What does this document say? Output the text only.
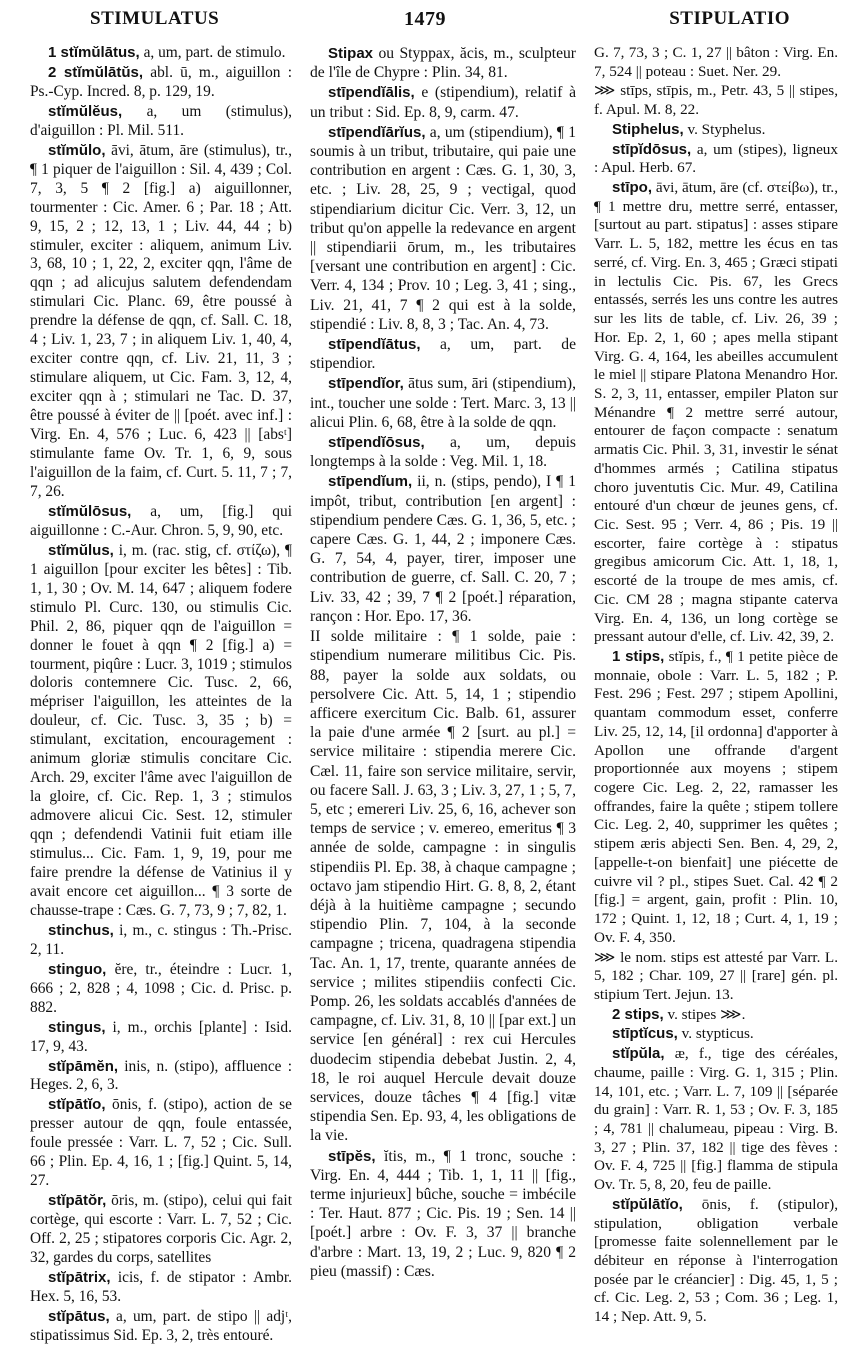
STIMULATUS	1479	STIPULATIO

1 stĭmŭlātus, a, um, part. de stimulo.

2 stĭmŭlātŭs, abl. ū, m., aiguillon : Ps.-Cyp. Incred. 8, p. 129, 19.

stĭmŭlĕus, a, um (stimulus), d'aiguillon : Pl. Mil. 511.

stĭmŭlo, āvi, ātum, āre (stimulus), tr., ¶ 1 piquer de l'aiguillon : Sil. 4, 439 ; Col. 7, 3, 5 ¶ 2 [fig.] a) aiguillonner, tourmenter : Cic. Amer. 6 ; Par. 18 ; Att. 9, 15, 2 ; 12, 13, 1 ; Liv. 44, 44 ; b) stimuler, exciter : aliquem, animum Liv. 3, 68, 10 ; 1, 22, 2, exciter qqn, l'âme de qqn ; ad alicujus salutem defendendam stimulari Cic. Planc. 69, être poussé à prendre la défense de qqn, cf. Sall. C. 18, 4 ; Liv. 1, 23, 7 ; in aliquem Liv. 1, 40, 4, exciter contre qqn, cf. Liv. 21, 11, 3 ; stimulare aliquem, ut Cic. Fam. 3, 12, 4, exciter qqn à ; stimulari ne Tac. D. 37, être poussé à éviter de || [poét. avec inf.] : Virg. En. 4, 576 ; Luc. 6, 423 || [absᵗ] stimulante fame Ov. Tr. 1, 6, 9, sous l'aiguillon de la faim, cf. Curt. 5. 11, 7 ; 7, 7, 26.

stĭmŭlōsus, a, um, [fig.] qui aiguillonne : C.-Aur. Chron. 5, 9, 90, etc.

stĭmŭlus, i, m. (rac. stig, cf. στίζω), ¶ 1 aiguillon [pour exciter les bêtes] : Tib. 1, 1, 30 ; Ov. M. 14, 647 ; aliquem fodere stimulo Pl. Curc. 130, ou stimulis Cic. Phil. 2, 86, piquer qqn de l'aiguillon = donner le fouet à qqn ¶ 2 [fig.] a) = tourment, piqûre : Lucr. 3, 1019 ; stimulos doloris contemnere Cic. Tusc. 2, 66, mépriser l'aiguillon, les atteintes de la douleur, cf. Cic. Tusc. 3, 35 ; b) = stimulant, excitation, encouragement : animum gloriæ stimulis concitare Cic. Arch. 29, exciter l'âme avec l'aiguillon de la gloire, cf. Cic. Rep. 1, 3 ; stimulos admovere alicui Cic. Sest. 12, stimuler qqn ; defendendi Vatinii fuit etiam ille stimulus... Cic. Fam. 1, 9, 19, pour me faire prendre la défense de Vatinius il y avait encore cet aiguillon... ¶ 3 sorte de chausse-trape : Cæs. G. 7, 73, 9 ; 7, 82, 1.

stinchus, i, m., c. stingus : Th.-Prisc. 2, 11.

stinguo, ĕre, tr., éteindre : Lucr. 1, 666 ; 2, 828 ; 4, 1098 ; Cic. d. Prisc. p. 882.

stingus, i, m., orchis [plante] : Isid. 17, 9, 43.

stĭpāmĕn, inis, n. (stipo), affluence : Heges. 2, 6, 3.

stĭpātĭo, ōnis, f. (stipo), action de se presser autour de qqn, foule entassée, foule pressée : Varr. L. 7, 52 ; Cic. Sull. 66 ; Plin. Ep. 4, 16, 1 ; [fig.] Quint. 5, 14, 27.

stĭpātŏr, ōris, m. (stipo), celui qui fait cortège, qui escorte : Varr. L. 7, 52 ; Cic. Off. 2, 25 ; stipatores corporis Cic. Agr. 2, 32, gardes du corps, satellites

stĭpātrix, icis, f. de stipator : Ambr. Hex. 5, 16, 53.

stĭpātus, a, um, part. de stipo || adjᵗ, stipatissimus Sid. Ep. 3, 2, très entouré.

Stipax ou Styppax, ăcis, m., sculpteur de l'île de Chypre : Plin. 34, 81.

stīpendĭālis, e (stipendium), relatif à un tribut : Sid. Ep. 8, 9, carm. 47.

stīpendĭārĭus, a, um (stipendium), ¶ 1 soumis à un tribut, tributaire, qui paie une contribution en argent : Cæs. G. 1, 30, 3, etc. ; Liv. 28, 25, 9 ; vectigal, quod stipendiarium dicitur Cic. Verr. 3, 12, un tribut qu'on appelle la redevance en argent || stipendiarii ōrum, m., les tributaires [versant une contribution en argent] : Cic. Verr. 4, 134 ; Prov. 10 ; Leg. 3, 41 ; sing., Liv. 21, 41, 7 ¶ 2 qui est à la solde, stipendié : Liv. 8, 8, 3 ; Tac. An. 4, 73.

stīpendĭātus, a, um, part. de stipendior.

stīpendĭor, ātus sum, āri (stipendium), int., toucher une solde : Tert. Marc. 3, 13 || alicui Plin. 6, 68, être à la solde de qqn.

stīpendĭōsus, a, um, depuis longtemps à la solde : Veg. Mil. 1, 18.

stīpendĭum, ii, n. (stips, pendo), I ¶ 1 impôt, tribut, contribution [en argent] : stipendium pendere Cæs. G. 1, 36, 5, etc. ; capere Cæs. G. 1, 44, 2 ; imponere Cæs. G. 7, 54, 4, payer, tirer, imposer une contribution de guerre, cf. Sall. C. 20, 7 ; Liv. 33, 42 ; 39, 7 ¶ 2 [poét.] réparation, rançon : Hor. Epo. 17, 36.

II solde militaire : ¶ 1 solde, paie : stipendium numerare militibus Cic. Pis. 88, payer la solde aux soldats, ou persolvere Cic. Att. 5, 14, 1 ; stipendio afficere exercitum Cic. Balb. 61, assurer la paie d'une armée ¶ 2 [surt. au pl.] = service militaire : stipendia merere Cic. Cæl. 11, faire son service militaire, servir, ou facere Sall. J. 63, 3 ; Liv. 3, 27, 1 ; 5, 7, 5, etc ; emereri Liv. 25, 6, 16, achever son temps de service ; v. emereo, emeritus ¶ 3 année de solde, campagne : in singulis stipendiis Pl. Ep. 38, à chaque campagne ; octavo jam stipendio Hirt. G. 8, 8, 2, étant déjà à la huitième campagne ; secundo stipendio Plin. 7, 104, à la seconde campagne ; tricena, quadragena stipendia Tac. An. 1, 17, trente, quarante années de service ; milites stipendiis confecti Cic. Pomp. 26, les soldats accablés d'années de campagne, cf. Liv. 31, 8, 10 || [par ext.] un service [en général] : rex cui Hercules duodecim stipendia debebat Justin. 2, 4, 18, le roi auquel Hercule devait douze services, douze tâches ¶ 4 [fig.] vitæ stipendia Sen. Ep. 93, 4, les obligations de la vie.

stīpĕs, ĭtis, m., ¶ 1 tronc, souche : Virg. En. 4, 444 ; Tib. 1, 1, 11 || [fig., terme injurieux] bûche, souche = imbécile : Ter. Haut. 877 ; Cic. Pis. 19 ; Sen. 14 || [poét.] arbre : Ov. F. 3, 37 || branche d'arbre : Mart. 13, 19, 2 ; Luc. 9, 820 ¶ 2 pieu (massif) : Cæs.

G. 7, 73, 3 ; C. 1, 27 || bâton : Virg. En. 7, 524 || poteau : Suet. Ner. 29.

⋙ stīps, stīpis, m., Petr. 43, 5 || stipes, f. Apul. M. 8, 22.

Stiphelus, v. Styphelus.

stīpĭdōsus, a, um (stipes), ligneux : Apul. Herb. 67.

stīpo, āvi, ātum, āre (cf. στείβω), tr., ¶ 1 mettre dru, mettre serré, entasser, [surtout au part. stipatus] : asses stipare Varr. L. 5, 182, mettre les écus en tas serré, cf. Virg. En. 3, 465 ; Græci stipati in lectulis Cic. Pis. 67, les Grecs entassés, serrés les uns contre les autres sur les lits de table, cf. Liv. 26, 39 ; Hor. Ep. 2, 1, 60 ; apes mella stipant Virg. G. 4, 164, les abeilles accumulent le miel || stipare Platona Menandro Hor. S. 2, 3, 11, entasser, empiler Platon sur Ménandre ¶ 2 mettre serré autour, entourer de façon compacte : senatum armatis Cic. Phil. 3, 31, investir le sénat d'hommes armés ; Catilina stipatus choro juventutis Cic. Mur. 49, Catilina entouré d'un chœur de jeunes gens, cf. Cic. Sest. 95 ; Verr. 4, 86 ; Pis. 19 || escorter, faire cortège à : stipatus gregibus amicorum Cic. Att. 1, 18, 1, escorté de la troupe de mes amis, cf. Cic. CM 28 ; magna stipante caterva Virg. En. 4, 136, un long cortège se pressant autour d'elle, cf. Liv. 42, 39, 2.

1 stips, stĭpis, f., ¶ 1 petite pièce de monnaie, obole : Varr. L. 5, 182 ; P. Fest. 296 ; Fest. 297 ; stipem Apollini, quantam commodum esset, conferre Liv. 25, 12, 14, [il ordonna] d'apporter à Apollon une offrande d'argent proportionnée aux moyens ; stipem cogere Cic. Leg. 2, 22, ramasser les offrandes, faire la quête ; stipem tollere Cic. Leg. 2, 40, supprimer les quêtes ; stipem æris abjecti Sen. Ben. 4, 29, 2, [appelle-t-on bienfait] une piécette de cuivre vil ? pl., stipes Suet. Cal. 42 ¶ 2 [fig.] = argent, gain, profit : Plin. 10, 172 ; Quint. 1, 12, 18 ; Curt. 4, 1, 19 ; Ov. F. 4, 350.

⋙ le nom. stips est attesté par Varr. L. 5, 182 ; Char. 109, 27 || [rare] gén. pl. stipium Tert. Jejun. 13.

2 stips, v. stipes ⋙.

stīptĭcus, v. stypticus.

stĭpŭla, æ, f., tige des céréales, chaume, paille : Virg. G. 1, 315 ; Plin. 14, 101, etc. ; Varr. L. 7, 109 || [séparée du grain] : Varr. R. 1, 53 ; Ov. F. 3, 185 ; 4, 781 || chalumeau, pipeau : Virg. B. 3, 27 ; Plin. 37, 182 || tige des fèves : Ov. F. 4, 725 || [fig.] flamma de stipula Ov. Tr. 5, 8, 20, feu de paille.

stĭpŭlātĭo, ōnis, f. (stipulor), stipulation, obligation verbale [promesse faite solennellement par le débiteur en réponse à l'interrogation posée par le créancier] : Dig. 45, 1, 5 ; cf. Cic. Leg. 2, 53 ; Com. 36 ; Leg. 1, 14 ; Nep. Att. 9, 5.
